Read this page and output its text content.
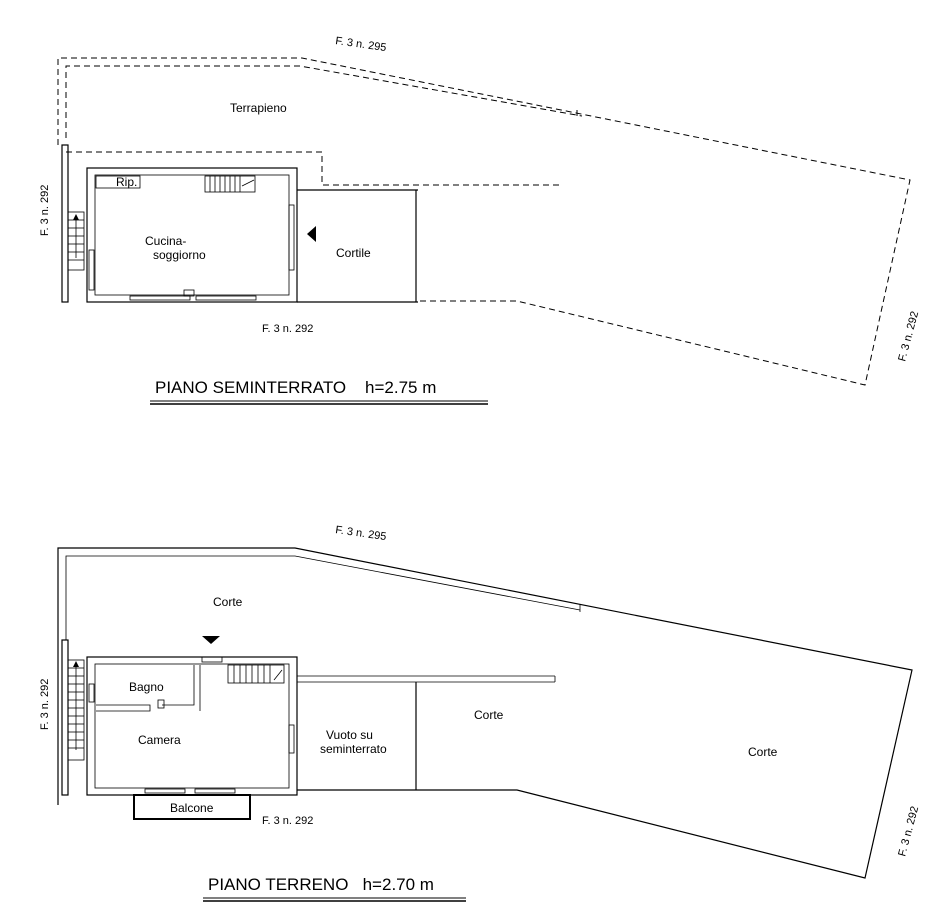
Terrapieno
Rip.
Cucina-
soggiorno	Cortile
F. 3 n. 295
F. 3 n. 292
F. 3 n. 292	F. 3 n. 292
PIANO SEMINTERRATO    h=2.75 m
Corte
Bagno
Camera	Vuoto su
seminterrato
Corte
Corte
Balcone
F. 3 n. 295
F. 3 n. 292
F. 3 n. 292	F. 3 n. 292
PIANO TERRENO   h=2.70 m
